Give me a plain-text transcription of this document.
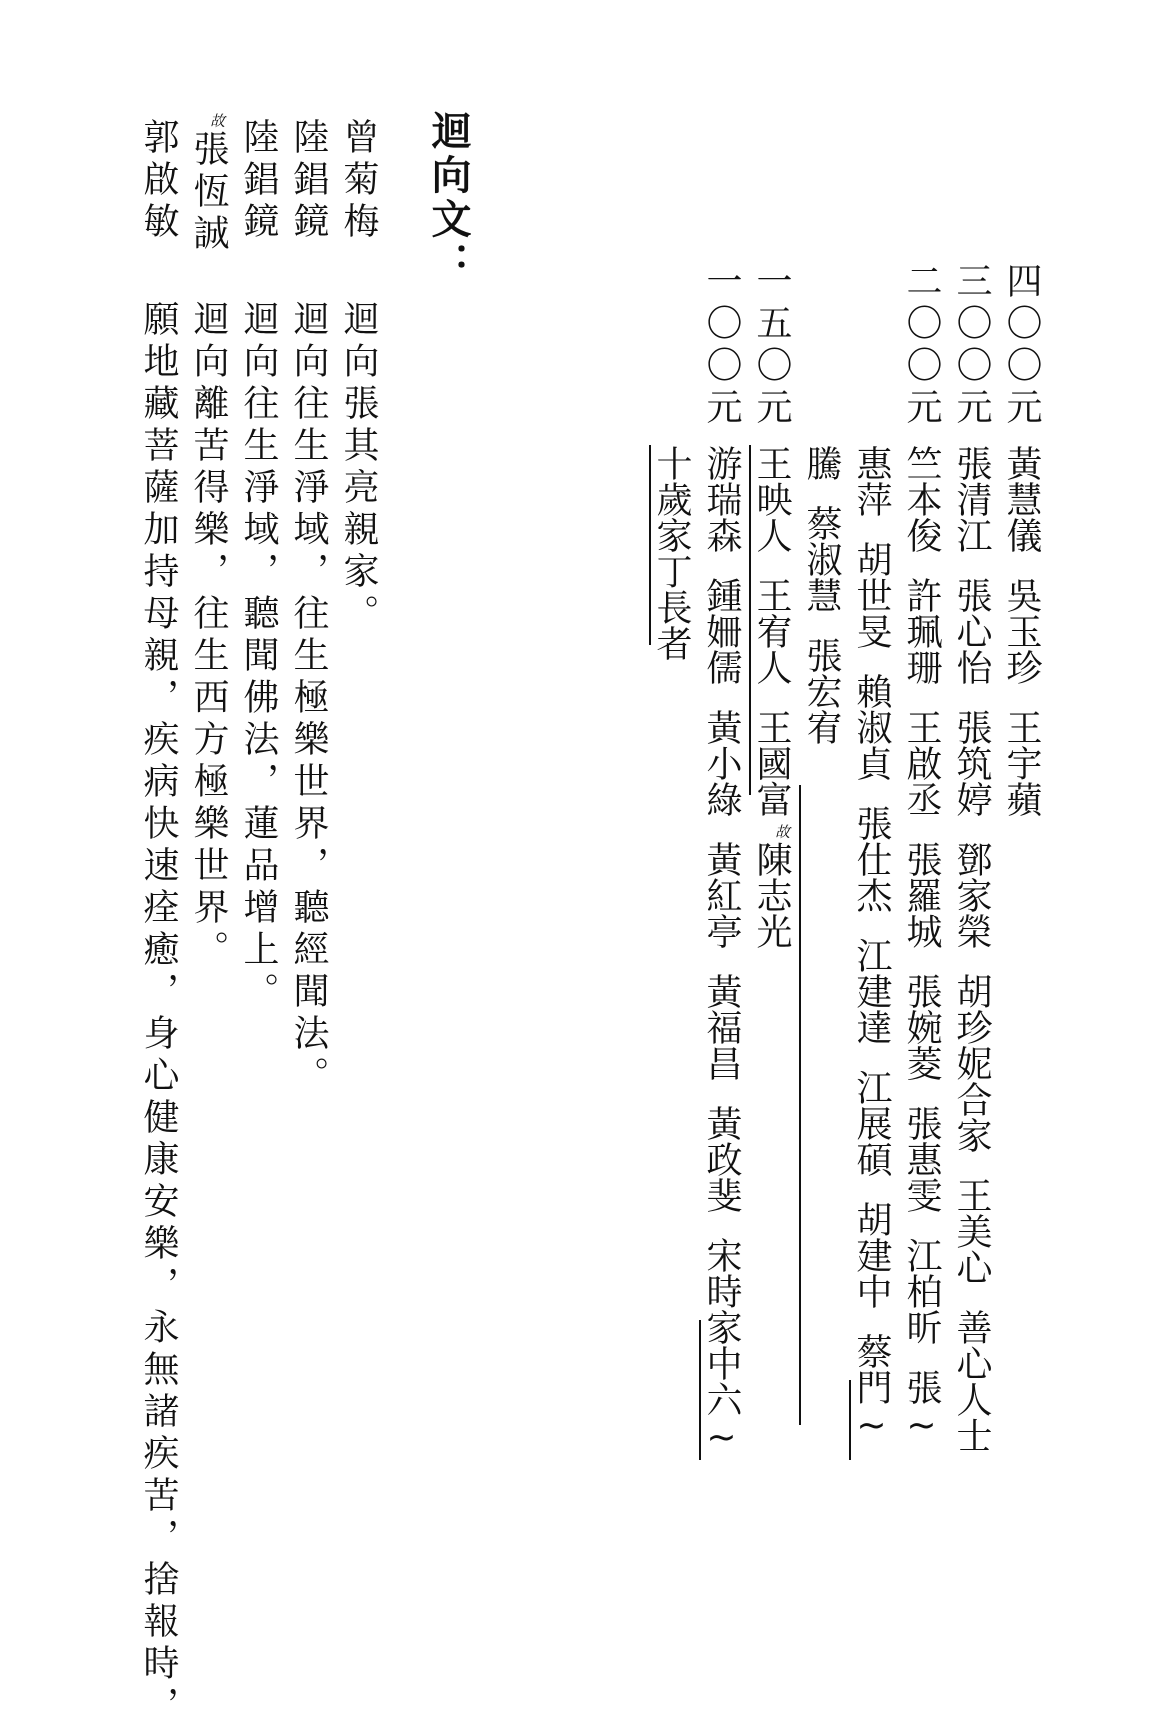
四〇〇元
黃慧儀吳玉珍王宇蘋
三〇〇元
張清江張心怡張筑婷鄧家榮胡珍妮合家王美心善心人士
二〇〇元
竺本俊許珮珊王啟丞張羅城張婉菱張惠雯江柏昕張~
惠萍胡世旻賴淑貞張仕杰江建達江展碩胡建中蔡門~
騰蔡淑慧張宏宥
一五〇元
王映人王宥人王國富
故
陳志光
一〇〇元
游瑞森鍾姍儒黃小綠黃紅亭黃福昌黃政斐宋時家中六~
十歲家丁長者
迴向文：
曾菊梅
迴向張其亮親家。
陸錩鏡
迴向往生淨域，往生極樂世界，聽經聞法。
陸錩鏡
迴向往生淨域，聽聞佛法，蓮品增上。
故
張恆誠
迴向離苦得樂，往生西方極樂世界。
郭啟敏
願地藏菩薩加持母親，疾病快速痊癒，身心健康安樂，永無諸疾苦，捨報時，
